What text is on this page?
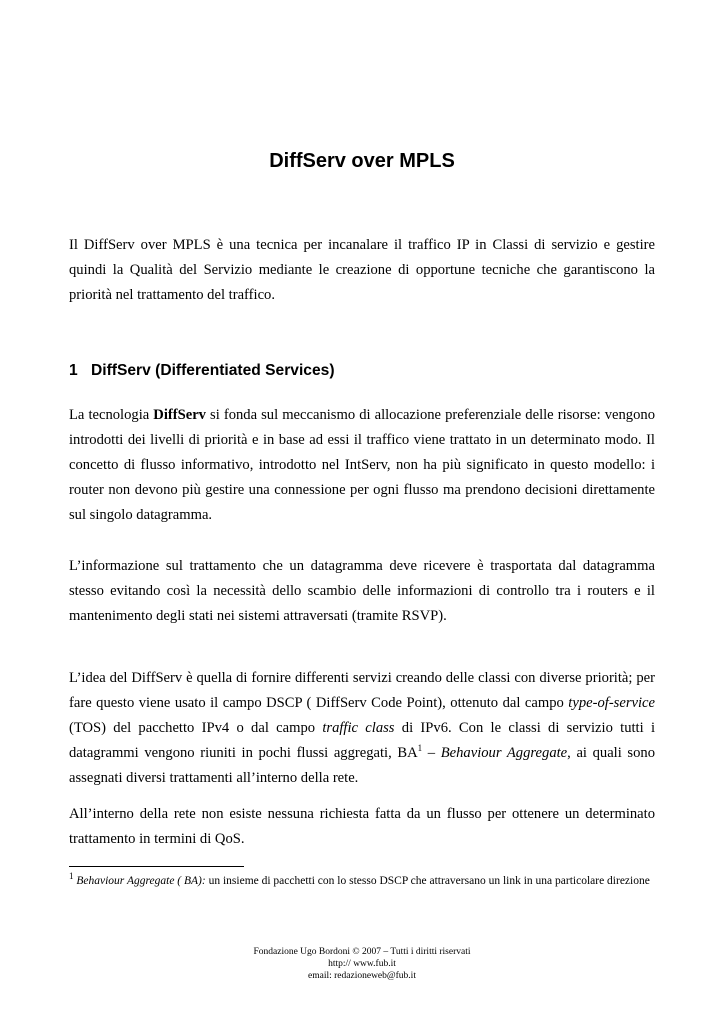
DiffServ over MPLS

Il DiffServ over MPLS è una tecnica per incanalare il traffico IP in Classi di servizio e gestire quindi la Qualità del Servizio mediante le creazione di opportune tecniche che garantiscono la priorità nel trattamento del traffico.

1 DiffServ (Differentiated Services)

La tecnologia DiffServ si fonda sul meccanismo di allocazione preferenziale delle risorse: vengono introdotti dei livelli di priorità e in base ad essi il traffico viene trattato in un determinato modo. Il concetto di flusso informativo, introdotto nel IntServ, non ha più significato in questo modello: i router non devono più gestire una connessione per ogni flusso ma prendono decisioni direttamente sul singolo datagramma.

L’informazione sul trattamento che un datagramma deve ricevere è trasportata dal datagramma stesso evitando così la necessità dello scambio delle informazioni di controllo tra i routers e il mantenimento degli stati nei sistemi attraversati (tramite RSVP).

L’idea del DiffServ è quella di fornire differenti servizi creando delle classi con diverse priorità; per fare questo viene usato il campo DSCP ( DiffServ Code Point), ottenuto dal campo type-of-service (TOS) del pacchetto IPv4 o dal campo traffic class di IPv6. Con le classi di servizio tutti i datagrammi vengono riuniti in pochi flussi aggregati, $BA^1$ – Behaviour Aggregate, ai quali sono assegnati diversi trattamenti all’interno della rete.

All’interno della rete non esiste nessuna richiesta fatta da un flusso per ottenere un determinato trattamento in termini di QoS.

$^1$ Behaviour Aggregate ( BA): un insieme di pacchetti con lo stesso DSCP che attraversano un link in una particolare direzione
Fondazione Ugo Bordoni © 2007 – Tutti i diritti riservati
http:// www.fub.it
email: redazioneweb@fub.it
